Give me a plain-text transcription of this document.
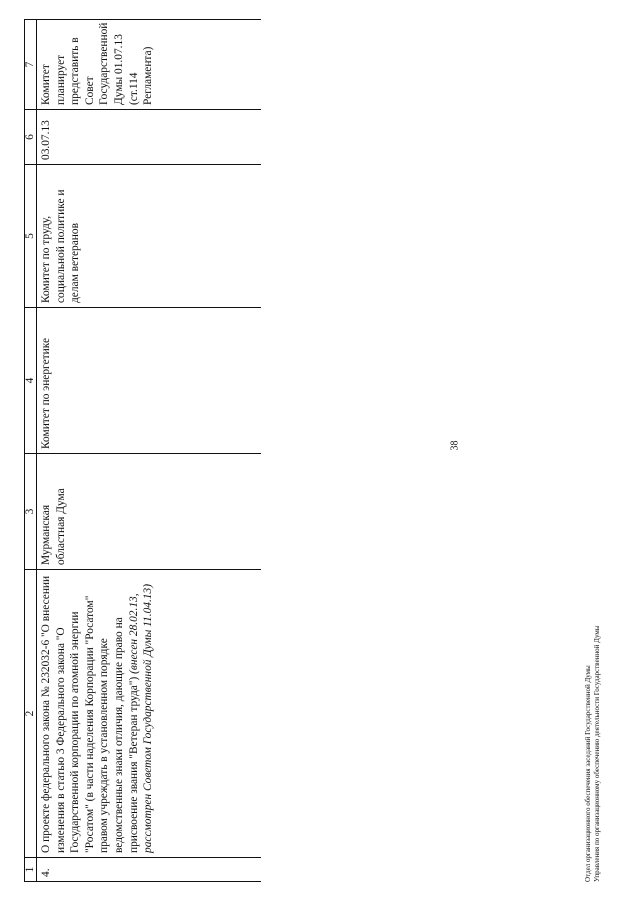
38
1	2	3	4	5	6	7
4.	О проекте федерального закона № 232032-6 "О внесении изменения в статью 3 Федерального закона "О Государственной корпорации по атомной энергии "Росатом" (в части наделения Корпорации "Росатом" правом учреждать в установленном порядке ведомственные знаки отличия, дающие право на присвоение звания "Ветеран труда") (внесен 28.02.13, рассмотрен Советом Государственной Думы 11.04.13)	Мурманская областная Дума	Комитет по энергетике	Комитет по труду, социальной политике и делам ветеранов	03.07.13	Комитет планирует представить в Совет Государственной Думы 01.07.13 (ст.114 Регламента)
Отдел организационного обеспечения заседаний Государственной Думы Управления по организационному обеспечению деятельности Государственной Думы
